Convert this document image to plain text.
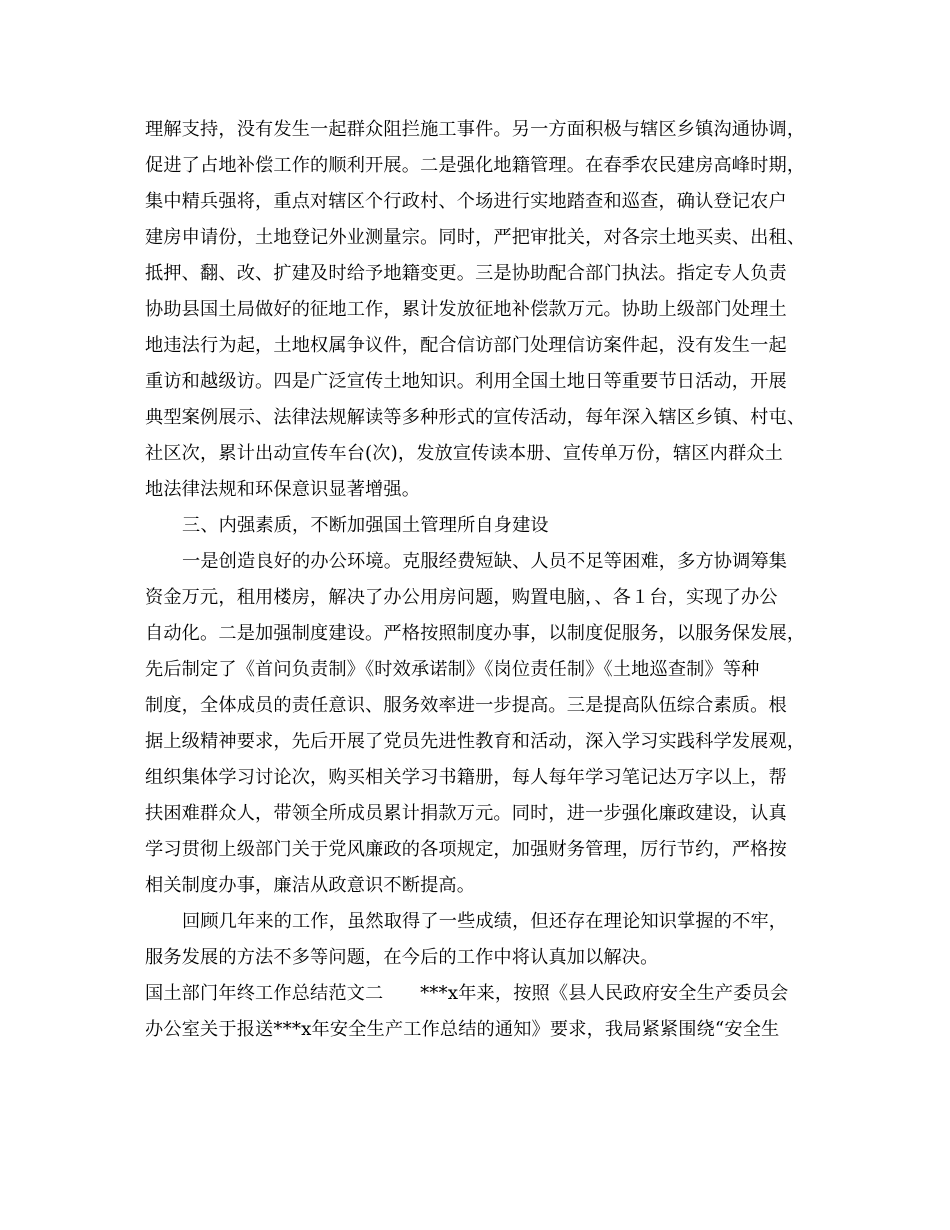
理解支持，没有发生一起群众阻拦施工事件。另一方面积极与辖区乡镇沟通协调，
促进了占地补偿工作的顺利开展。二是强化地籍管理。在春季农民建房高峰时期，
集中精兵强将，重点对辖区个行政村、个场进行实地踏查和巡查，确认登记农户
建房申请份，土地登记外业测量宗。同时，严把审批关，对各宗土地买卖、出租、
抵押、翻、改、扩建及时给予地籍变更。三是协助配合部门执法。指定专人负责
协助县国土局做好的征地工作，累计发放征地补偿款万元。协助上级部门处理土
地违法行为起，土地权属争议件，配合信访部门处理信访案件起，没有发生一起
重访和越级访。四是广泛宣传土地知识。利用全国土地日等重要节日活动，开展
典型案例展示、法律法规解读等多种形式的宣传活动，每年深入辖区乡镇、村屯、
社区次，累计出动宣传车台(次)，发放宣传读本册、宣传单万份，辖区内群众土
地法律法规和环保意识显著增强。
三、内强素质，不断加强国土管理所自身建设
一是创造良好的办公环境。克服经费短缺、人员不足等困难，多方协调筹集
资金万元，租用楼房，解决了办公用房问题，购置电脑，、各１台，实现了办公
自动化。二是加强制度建设。严格按照制度办事，以制度促服务，以服务保发展，
先后制定了《首问负责制》《时效承诺制》《岗位责任制》《土地巡查制》等种
制度，全体成员的责任意识、服务效率进一步提高。三是提高队伍综合素质。根
据上级精神要求，先后开展了党员先进性教育和活动，深入学习实践科学发展观，
组织集体学习讨论次，购买相关学习书籍册，每人每年学习笔记达万字以上，帮
扶困难群众人，带领全所成员累计捐款万元。同时，进一步强化廉政建设，认真
学习贯彻上级部门关于党风廉政的各项规定，加强财务管理，厉行节约，严格按
相关制度办事，廉洁从政意识不断提高。
回顾几年来的工作，虽然取得了一些成绩，但还存在理论知识掌握的不牢，
服务发展的方法不多等问题，在今后的工作中将认真加以解决。
国土部门年终工作总结范文二　　***x年来，按照《县人民政府安全生产委员会
办公室关于报送***x年安全生产工作总结的通知》要求，我局紧紧围绕“安全生
